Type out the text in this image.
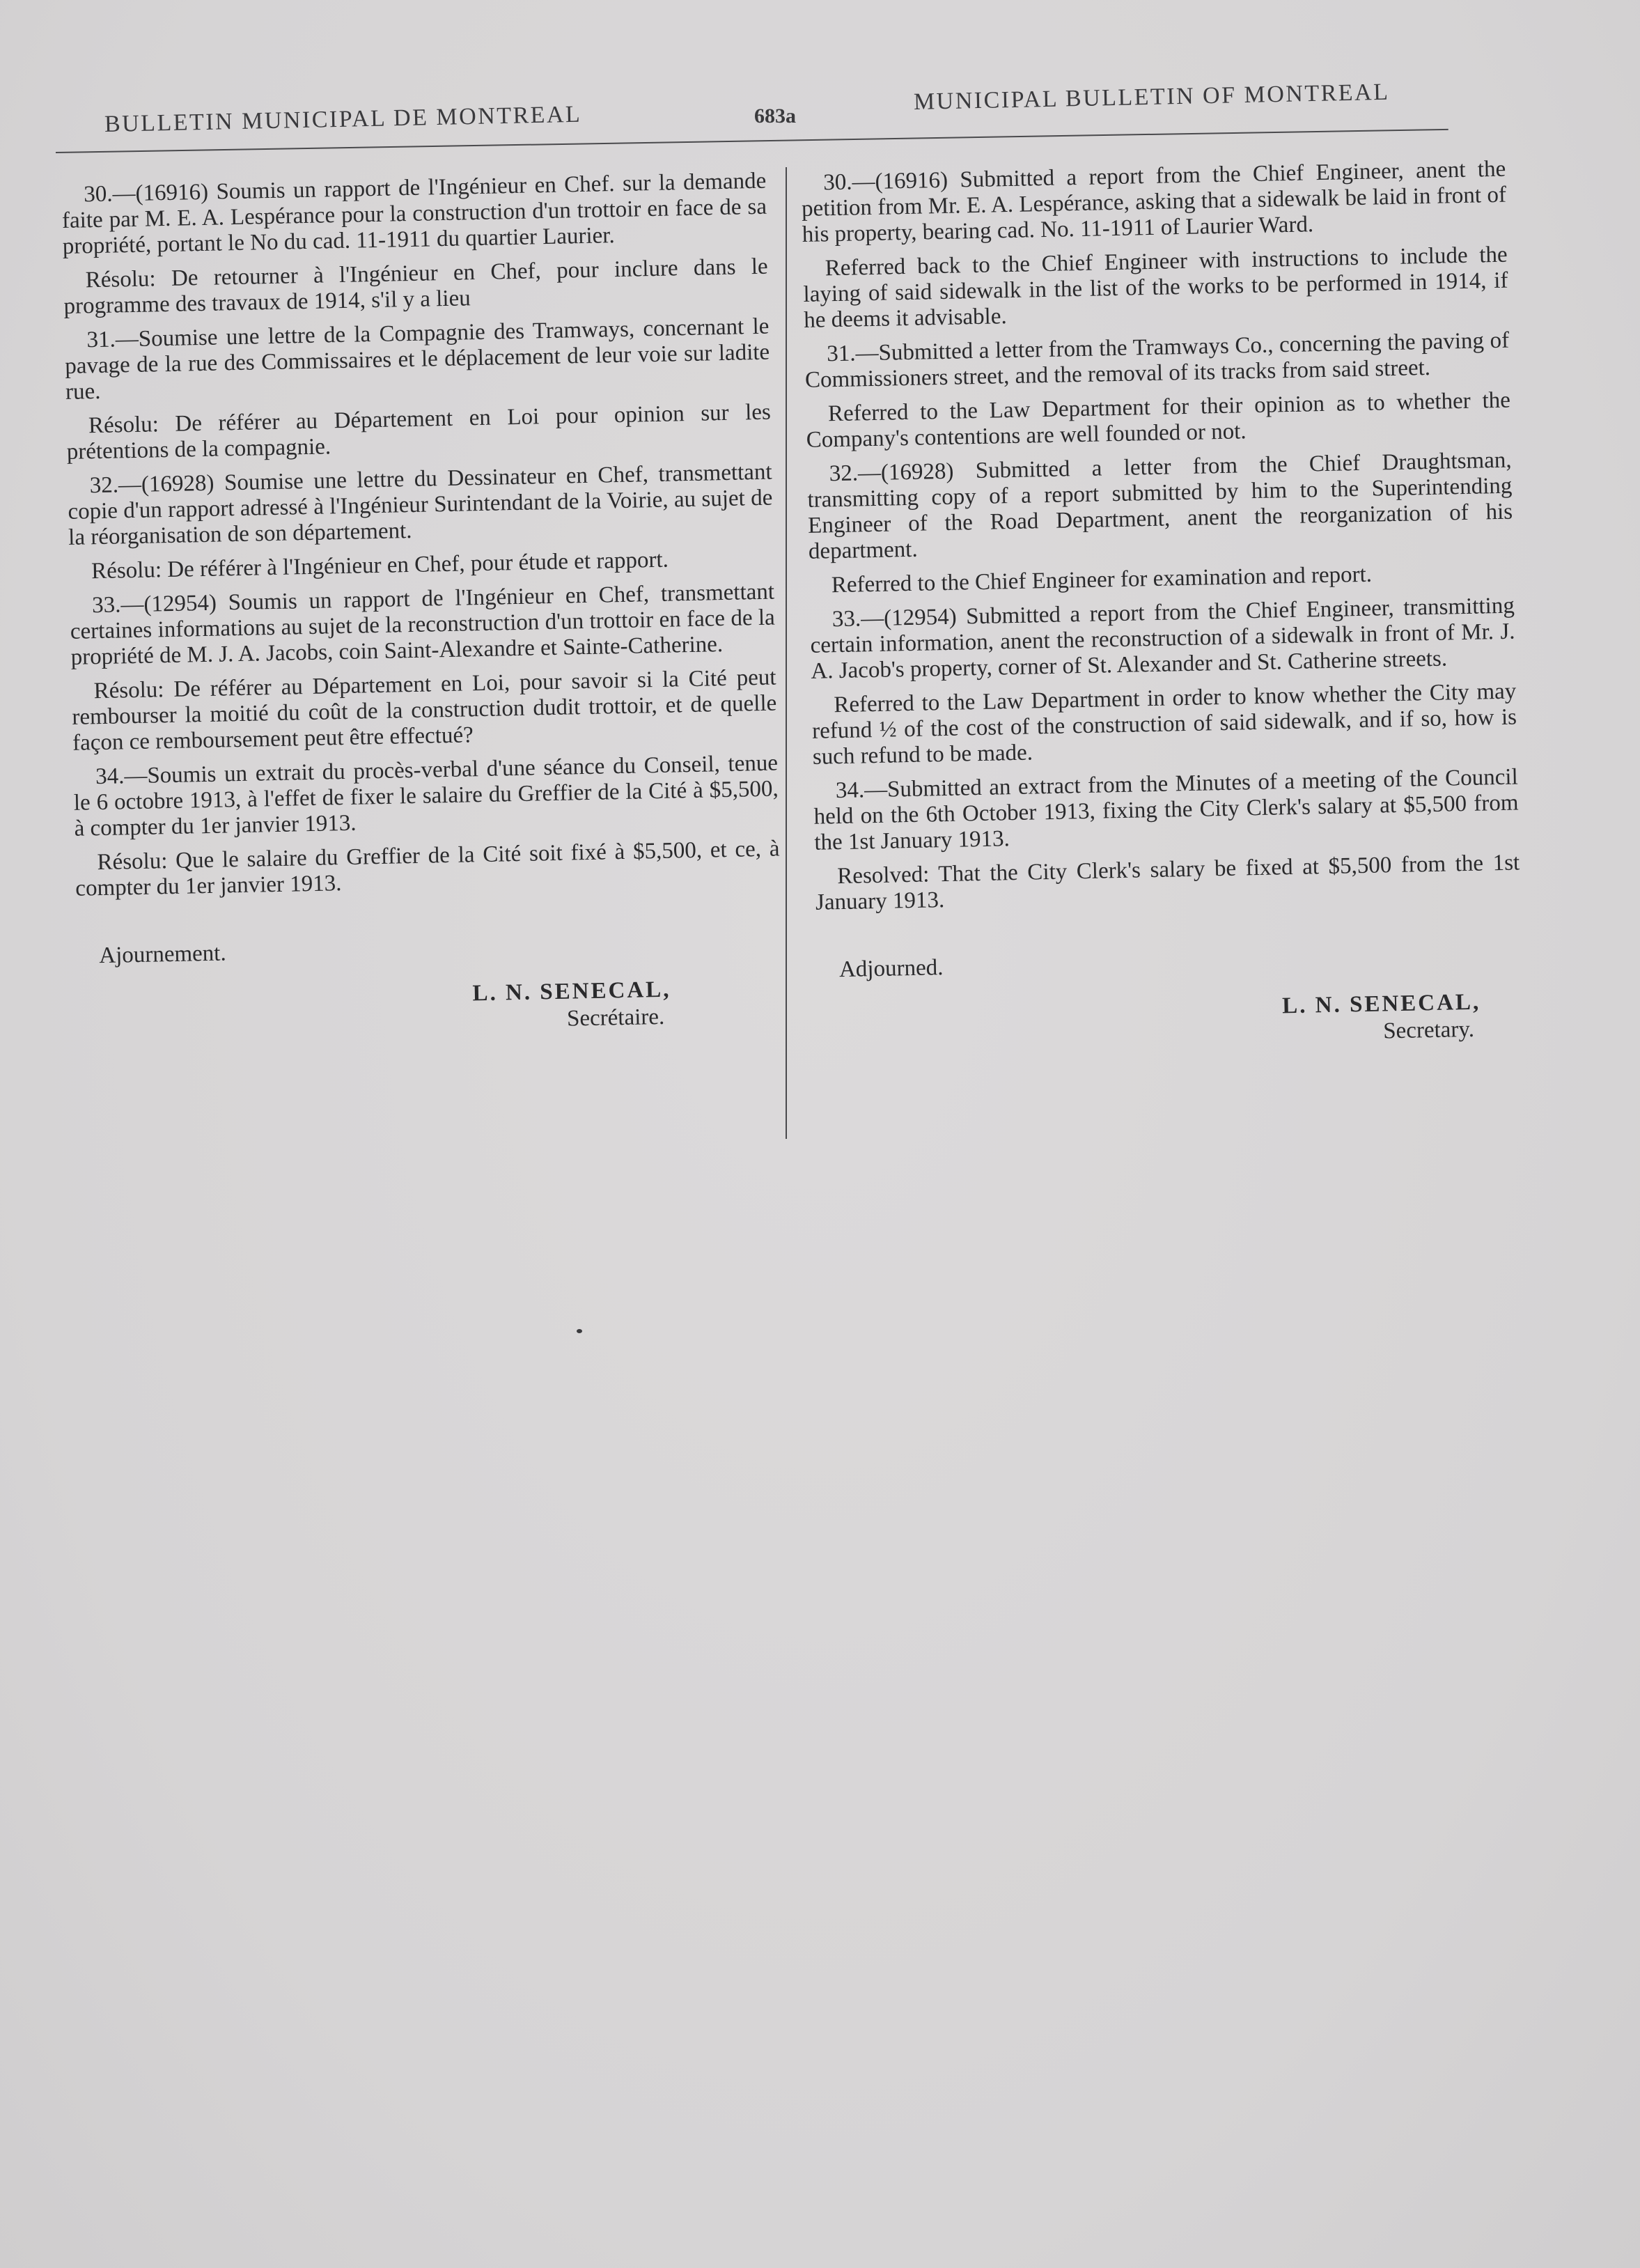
BULLETIN MUNICIPAL DE MONTREAL	683a
MUNICIPAL BULLETIN OF MONTREAL

30.—(16916) Soumis un rapport de l'Ingénieur en Chef. sur la demande faite par M. E. A. Lespérance pour la construction d'un trottoir en face de sa propriété, portant le No du cad. 11-1911 du quartier Laurier.

Résolu: De retourner à l'Ingénieur en Chef, pour inclure dans le programme des travaux de 1914, s'il y a lieu

31.—Soumise une lettre de la Compagnie des Tramways, concernant le pavage de la rue des Commissaires et le déplacement de leur voie sur ladite rue.

Résolu: De référer au Département en Loi pour opinion sur les prétentions de la compagnie.

32.—(16928) Soumise une lettre du Dessinateur en Chef, transmettant copie d'un rapport adressé à l'Ingénieur Surintendant de la Voirie, au sujet de la réorganisation de son département.

Résolu: De référer à l'Ingénieur en Chef, pour étude et rapport.

33.—(12954) Soumis un rapport de l'Ingénieur en Chef, transmettant certaines informations au sujet de la reconstruction d'un trottoir en face de la propriété de M. J. A. Jacobs, coin Saint-Alexandre et Sainte-Catherine.

Résolu: De référer au Département en Loi, pour savoir si la Cité peut rembourser la moitié du coût de la construction dudit trottoir, et de quelle façon ce remboursement peut être effectué?

34.—Soumis un extrait du procès-verbal d'une séance du Conseil, tenue le 6 octobre 1913, à l'effet de fixer le salaire du Greffier de la Cité à $5,500, à compter du 1er janvier 1913.

Résolu: Que le salaire du Greffier de la Cité soit fixé à $5,500, et ce, à compter du 1er janvier 1913.

Ajournement.
L. N. SENECAL,
Secrétaire.

30.—(16916) Submitted a report from the Chief Engineer, anent the petition from Mr. E. A. Lespérance, asking that a sidewalk be laid in front of his property, bearing cad. No. 11-1911 of Laurier Ward.

Referred back to the Chief Engineer with instructions to include the laying of said sidewalk in the list of the works to be performed in 1914, if he deems it advisable.

31.—Submitted a letter from the Tramways Co., concerning the paving of Commissioners street, and the removal of its tracks from said street.

Referred to the Law Department for their opinion as to whether the Company's contentions are well founded or not.

32.—(16928) Submitted a letter from the Chief Draughtsman, transmitting copy of a report submitted by him to the Superintending Engineer of the Road Department, anent the reorganization of his department.

Referred to the Chief Engineer for examination and report.

33.—(12954) Submitted a report from the Chief Engineer, transmitting certain information, anent the reconstruction of a sidewalk in front of Mr. J. A. Jacob's property, corner of St. Alexander and St. Catherine streets.

Referred to the Law Department in order to know whether the City may refund ½ of the cost of the construction of said sidewalk, and if so, how is such refund to be made.

34.—Submitted an extract from the Minutes of a meeting of the Council held on the 6th October 1913, fixing the City Clerk's salary at $5,500 from the 1st January 1913.

Resolved: That the City Clerk's salary be fixed at $5,500 from the 1st January 1913.

Adjourned.
L. N. SENECAL,
Secretary.
